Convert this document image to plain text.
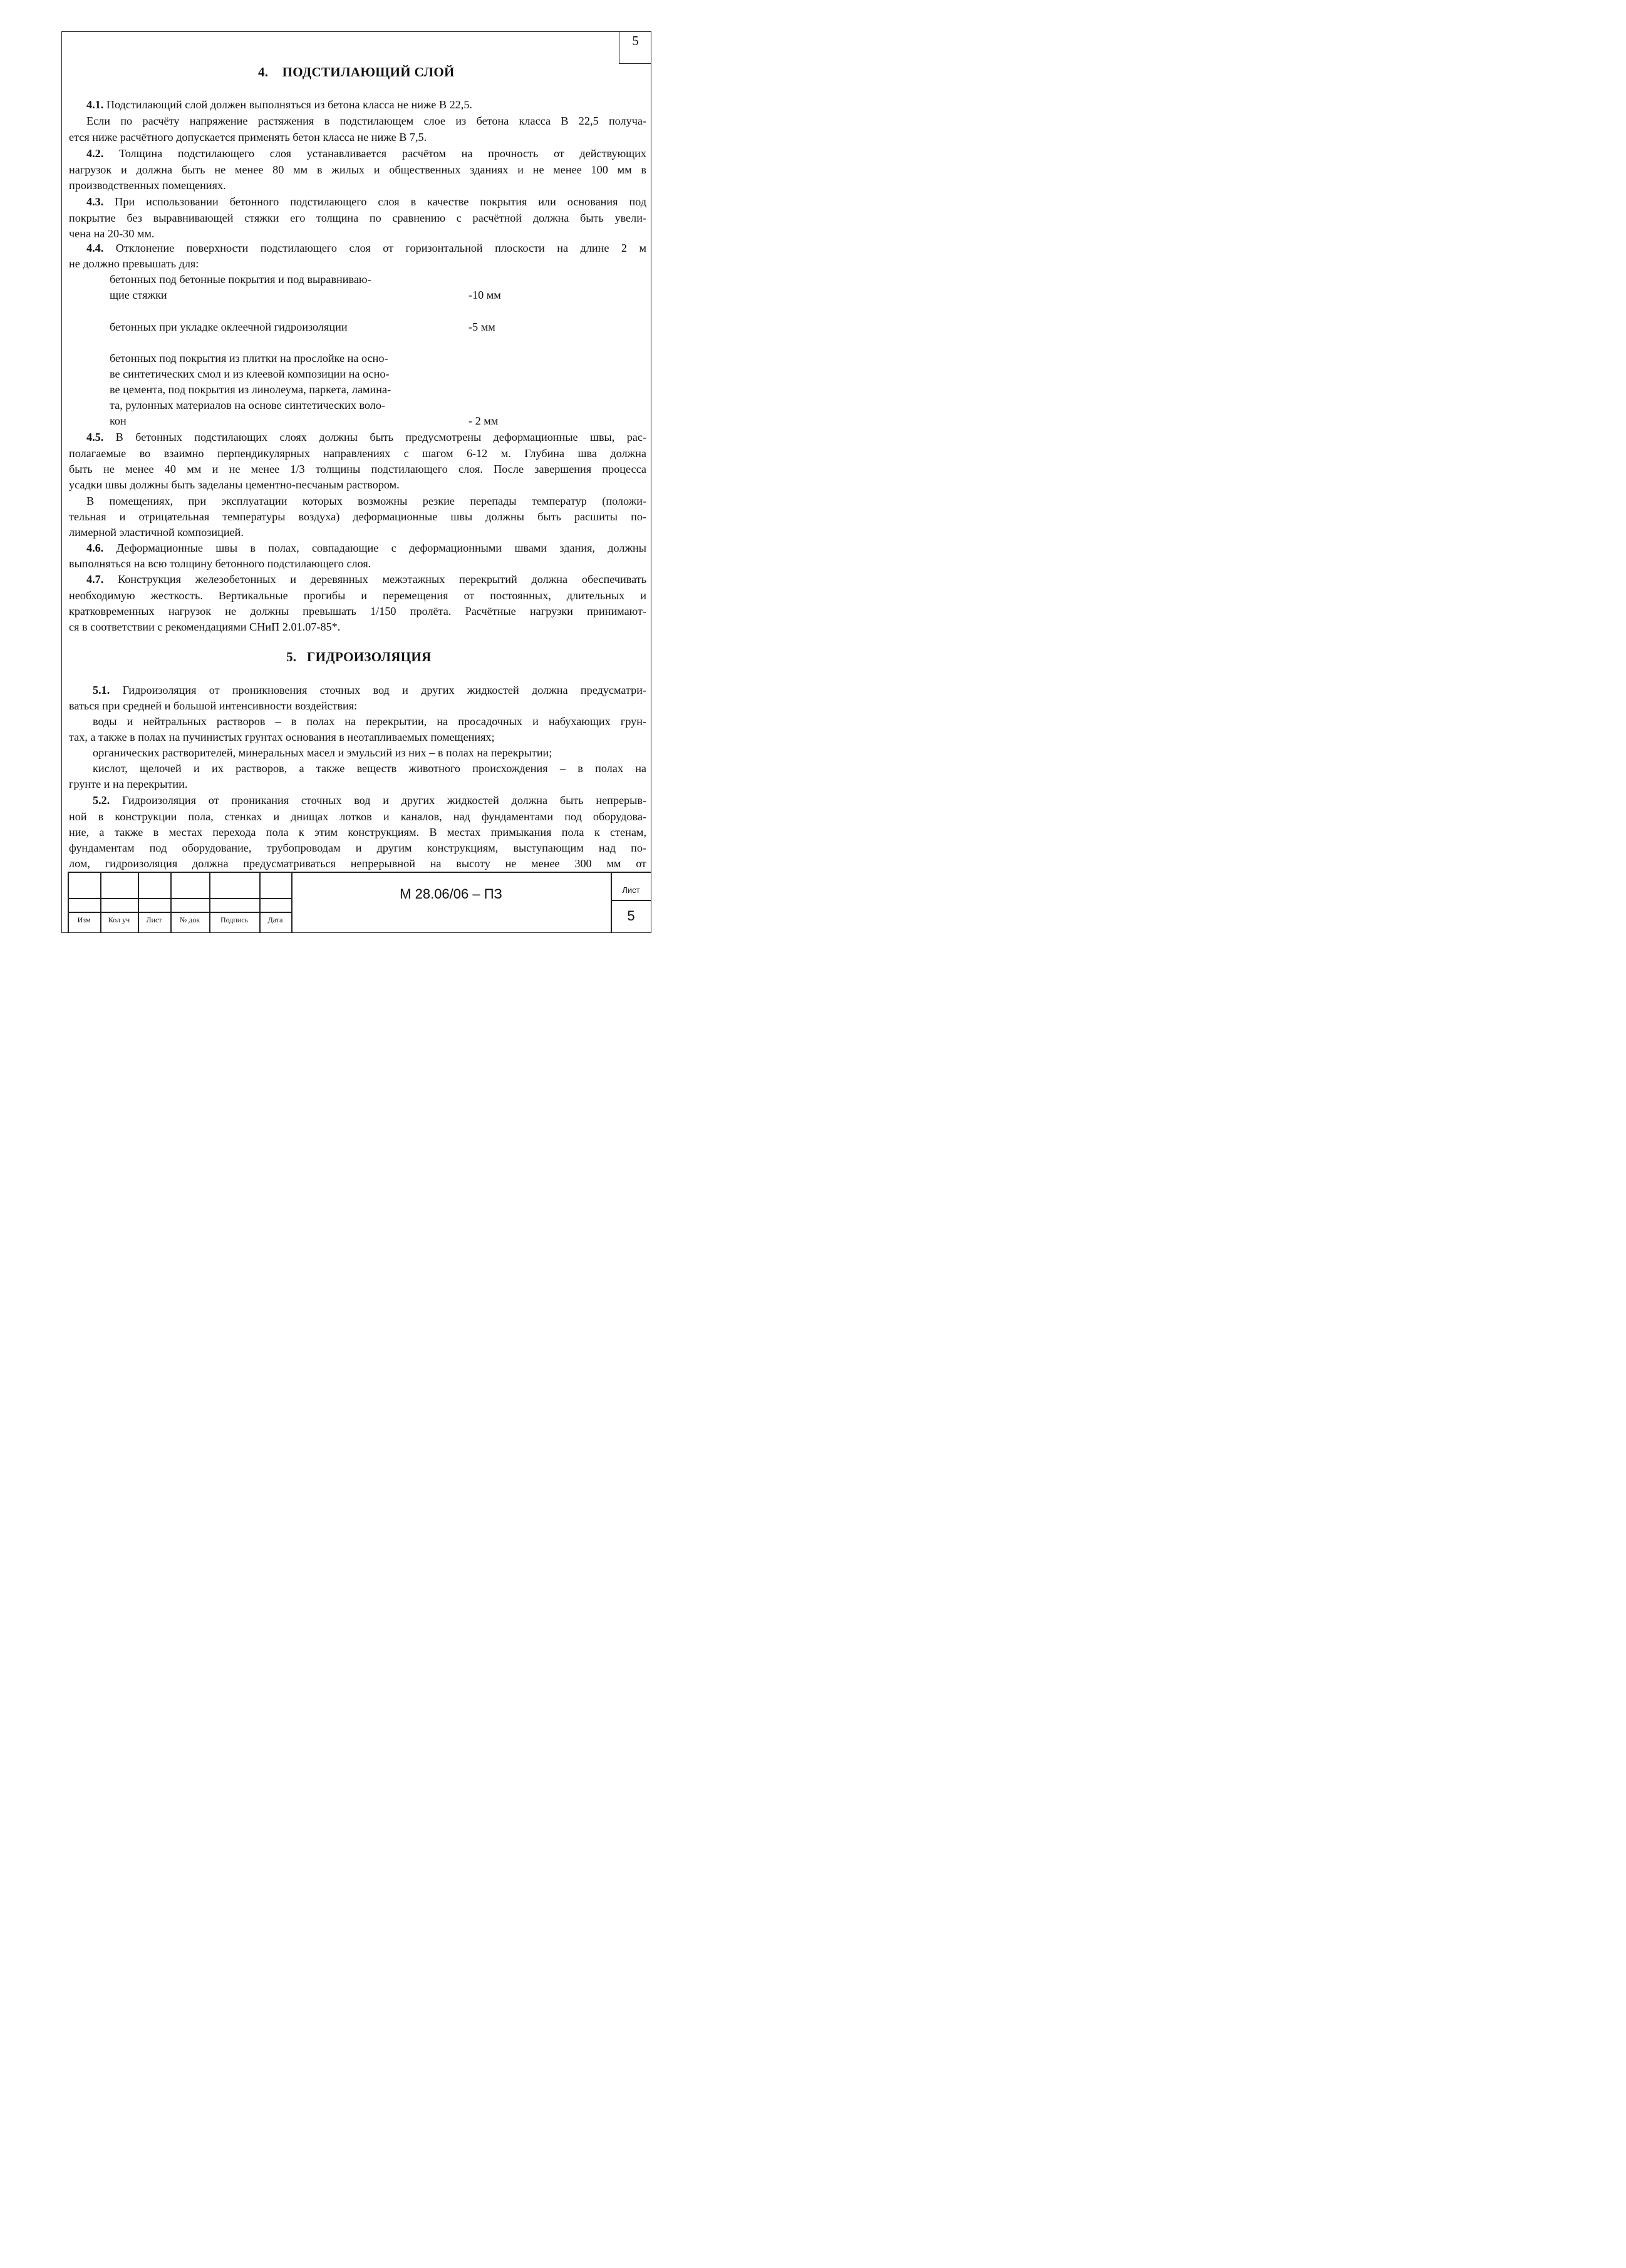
5
4. ПОДСТИЛАЮЩИЙ СЛОЙ
4.1. Подстилающий слой должен выполняться из бетона класса не ниже В 22,5.
Если по расчёту напряжение растяжения в подстилающем слое из бетона класса В 22,5 получа-
ется ниже расчётного допускается применять бетон класса не ниже В 7,5.
4.2. Толщина подстилающего слоя устанавливается расчётом на прочность от действующих
нагрузок и должна быть не менее 80 мм в жилых и общественных зданиях и не менее 100 мм в
производственных помещениях.
4.3. При использовании бетонного подстилающего слоя в качестве покрытия или основания под
покрытие без выравнивающей стяжки его толщина по сравнению с расчётной должна быть увели-
чена на 20-30 мм.
4.4. Отклонение поверхности подстилающего слоя от горизонтальной плоскости на длине 2 м
не должно превышать для:
бетонных под бетонные покрытия и под выравниваю-
щие стяжки	-10 мм
бетонных при укладке оклеечной гидроизоляции	-5 мм
бетонных под покрытия из плитки на прослойке на осно-
ве синтетических смол и из клеевой композиции на осно-
ве цемента, под покрытия из линолеума, паркета, ламина-
та, рулонных материалов на основе синтетических воло-
кон	- 2 мм
4.5. В бетонных подстилающих слоях должны быть предусмотрены деформационные швы, рас-
полагаемые во взаимно перпендикулярных направлениях с шагом 6-12 м. Глубина шва должна
быть не менее 40 мм и не менее 1/3 толщины подстилающего слоя. После завершения процесса
усадки швы должны быть заделаны цементно-песчаным раствором.
В помещениях, при эксплуатации которых возможны резкие перепады температур (положи-
тельная и отрицательная температуры воздуха) деформационные швы должны быть расшиты по-
лимерной эластичной композицией.
4.6. Деформационные швы в полах, совпадающие с деформационными швами здания, должны
выполняться на всю толщину бетонного подстилающего слоя.
4.7. Конструкция железобетонных и деревянных межэтажных перекрытий должна обеспечивать
необходимую жесткость. Вертикальные прогибы и перемещения от постоянных, длительных и
кратковременных нагрузок не должны превышать 1/150 пролёта. Расчётные нагрузки принимают-
ся в соответствии с рекомендациями СНиП 2.01.07-85*.
5. ГИДРОИЗОЛЯЦИЯ
5.1. Гидроизоляция от проникновения сточных вод и других жидкостей должна предусматри-
ваться при средней и большой интенсивности воздействия:
воды и нейтральных растворов – в полах на перекрытии, на просадочных и набухающих грун-
тах, а также в полах на пучинистых грунтах основания в неотапливаемых помещениях;
органических растворителей, минеральных масел и эмульсий из них – в полах на перекрытии;
кислот, щелочей и их растворов, а также веществ животного происхождения – в полах на
грунте и на перекрытии.
5.2. Гидроизоляция от проникания сточных вод и других жидкостей должна быть непрерыв-
ной в конструкции пола, стенках и днищах лотков и каналов, над фундаментами под оборудова-
ние, а также в местах перехода пола к этим конструкциям. В местах примыкания пола к стенам,
фундаментам под оборудование, трубопроводам и другим конструкциям, выступающим над по-
лом, гидроизоляция должна предусматриваться непрерывной на высоту не менее 300 мм от
Изм	Кол уч	Лист	№ док	Подпись	Дата
М 28.06/06 – ПЗ	Лист
5
